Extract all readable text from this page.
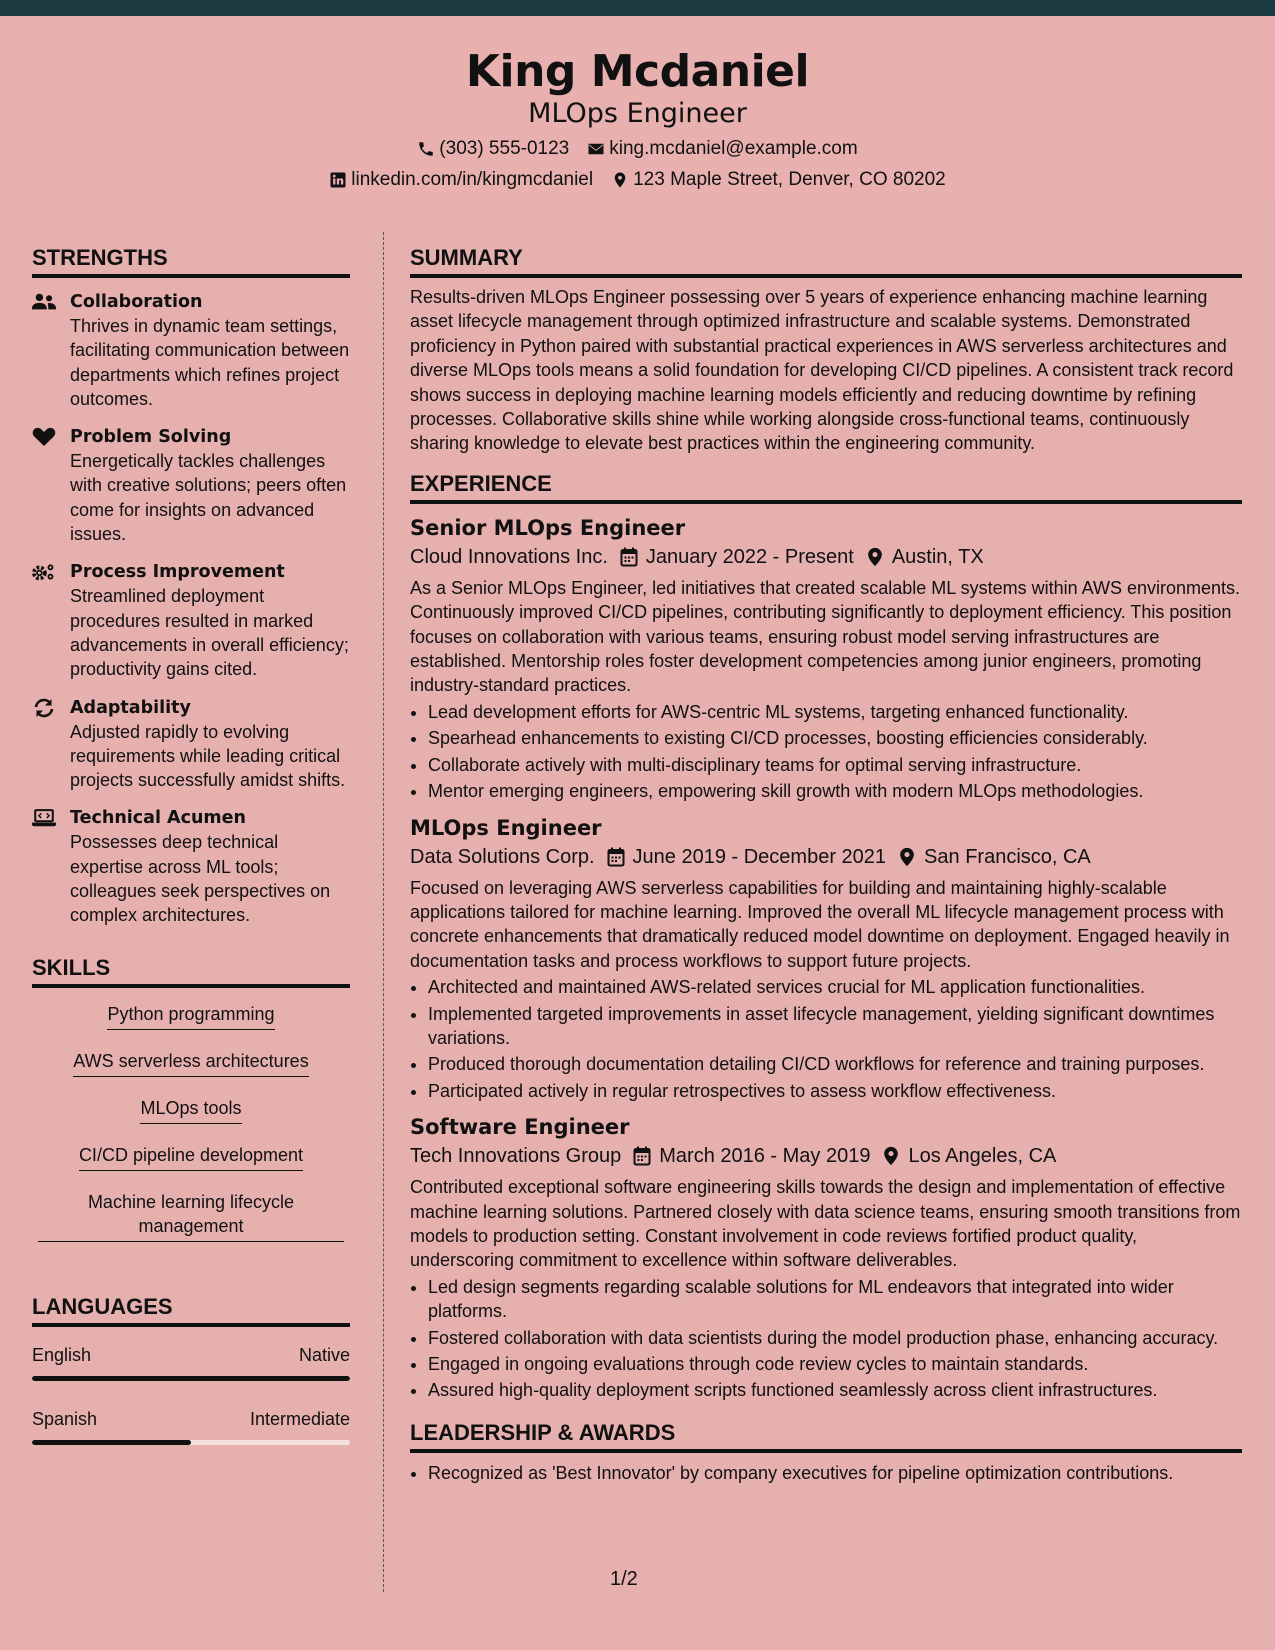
King Mcdaniel
MLOps Engineer
(303) 555-0123 king.mcdaniel@example.com
linkedin.com/in/kingmcdaniel 123 Maple Street, Denver, CO 80202
STRENGTHS
Collaboration
Thrives in dynamic team settings, facilitating communication between departments which refines project outcomes.
Problem Solving
Energetically tackles challenges with creative solutions; peers often come for insights on advanced issues.
Process Improvement
Streamlined deployment procedures resulted in marked advancements in overall efficiency; productivity gains cited.
Adaptability
Adjusted rapidly to evolving requirements while leading critical projects successfully amidst shifts.
Technical Acumen
Possesses deep technical expertise across ML tools; colleagues seek perspectives on complex architectures.
SKILLS
Python programming
AWS serverless architectures
MLOps tools
CI/CD pipeline development
Machine learning lifecycle management
LANGUAGES
English	Native
Spanish	Intermediate
SUMMARY
Results-driven MLOps Engineer possessing over 5 years of experience enhancing machine learning asset lifecycle management through optimized infrastructure and scalable systems. Demonstrated proficiency in Python paired with substantial practical experiences in AWS serverless architectures and diverse MLOps tools means a solid foundation for developing CI/CD pipelines. A consistent track record shows success in deploying machine learning models efficiently and reducing downtime by refining processes. Collaborative skills shine while working alongside cross-functional teams, continuously sharing knowledge to elevate best practices within the engineering community.
EXPERIENCE
Senior MLOps Engineer
Cloud Innovations Inc. January 2022 - Present Austin, TX
As a Senior MLOps Engineer, led initiatives that created scalable ML systems within AWS environments. Continuously improved CI/CD pipelines, contributing significantly to deployment efficiency. This position focuses on collaboration with various teams, ensuring robust model serving infrastructures are established. Mentorship roles foster development competencies among junior engineers, promoting industry-standard practices.
• Lead development efforts for AWS-centric ML systems, targeting enhanced functionality.
• Spearhead enhancements to existing CI/CD processes, boosting efficiencies considerably.
• Collaborate actively with multi-disciplinary teams for optimal serving infrastructure.
• Mentor emerging engineers, empowering skill growth with modern MLOps methodologies.
MLOps Engineer
Data Solutions Corp. June 2019 - December 2021 San Francisco, CA
Focused on leveraging AWS serverless capabilities for building and maintaining highly-scalable applications tailored for machine learning. Improved the overall ML lifecycle management process with concrete enhancements that dramatically reduced model downtime on deployment. Engaged heavily in documentation tasks and process workflows to support future projects.
• Architected and maintained AWS-related services crucial for ML application functionalities.
• Implemented targeted improvements in asset lifecycle management, yielding significant downtimes variations.
• Produced thorough documentation detailing CI/CD workflows for reference and training purposes.
• Participated actively in regular retrospectives to assess workflow effectiveness.
Software Engineer
Tech Innovations Group March 2016 - May 2019 Los Angeles, CA
Contributed exceptional software engineering skills towards the design and implementation of effective machine learning solutions. Partnered closely with data science teams, ensuring smooth transitions from models to production setting. Constant involvement in code reviews fortified product quality, underscoring commitment to excellence within software deliverables.
• Led design segments regarding scalable solutions for ML endeavors that integrated into wider platforms.
• Fostered collaboration with data scientists during the model production phase, enhancing accuracy.
• Engaged in ongoing evaluations through code review cycles to maintain standards.
• Assured high-quality deployment scripts functioned seamlessly across client infrastructures.
LEADERSHIP & AWARDS
• Recognized as 'Best Innovator' by company executives for pipeline optimization contributions.
1/2
